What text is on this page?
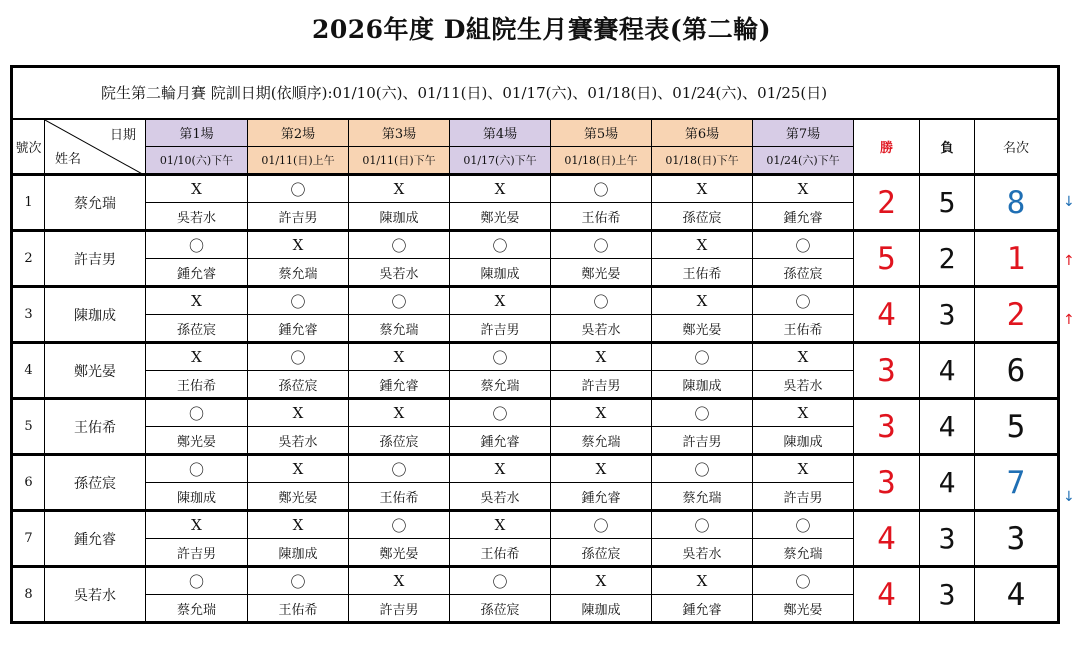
2026年度 D組院生月賽賽程表(第二輪)
院生第二輪月賽 院訓日期(依順序):01/10(六)、01/11(日)、01/17(六)、01/18(日)、01/24(六)、01/25(日)											
號次	日期
姓名	第1場	第2場	第3場	第4場	第5場	第6場	第7場	勝	負	名次
		01/10(六)下午	01/11(日)上午	01/11(日)下午	01/17(六)下午	01/18(日)上午	01/18(日)下午	01/24(六)下午			
1	蔡允瑞	X	〇	X	X	〇	X	X	2	5	8
		吳若水	許吉男	陳珈成	鄭光晏	王佑希	孫莅宸	鍾允睿			
2	許吉男	〇	X	〇	〇	〇	X	〇	5	2	1
		鍾允睿	蔡允瑞	吳若水	陳珈成	鄭光晏	王佑希	孫莅宸			
3	陳珈成	X	〇	〇	X	〇	X	〇	4	3	2
		孫莅宸	鍾允睿	蔡允瑞	許吉男	吳若水	鄭光晏	王佑希			
4	鄭光晏	X	〇	X	〇	X	〇	X	3	4	6
		王佑希	孫莅宸	鍾允睿	蔡允瑞	許吉男	陳珈成	吳若水			
5	王佑希	〇	X	X	〇	X	〇	X	3	4	5
		鄭光晏	吳若水	孫莅宸	鍾允睿	蔡允瑞	許吉男	陳珈成			
6	孫莅宸	〇	X	〇	X	X	〇	X	3	4	7
		陳珈成	鄭光晏	王佑希	吳若水	鍾允睿	蔡允瑞	許吉男			
7	鍾允睿	X	X	〇	X	〇	〇	〇	4	3	3
		許吉男	陳珈成	鄭光晏	王佑希	孫莅宸	吳若水	蔡允瑞			
8	吳若水	〇	〇	X	〇	X	X	〇	4	3	4
		蔡允瑞	王佑希	許吉男	孫莅宸	陳珈成	鍾允睿	鄭光晏			
↓
↑
↑
↓
